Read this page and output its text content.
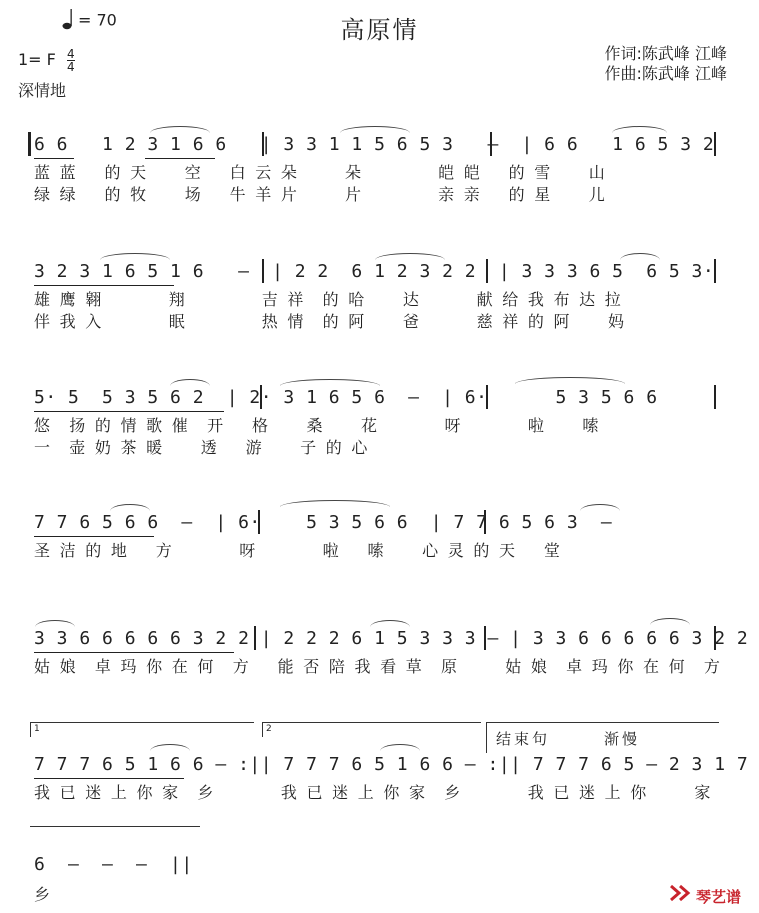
= 70	高原情
1= F $\frac{4}{4}$
深情地
作词:陈武峰 江峰
作曲:陈武峰 江峰
6 6   1 2 3 1 6 6   | 3 3 1 1 5 6 5 3   —  | 6 6   1 6 5 3 2
蓝 蓝   的 天    空   白 云 朵     朵        皑 皑   的 雪    山
绿 绿   的 牧    场   牛 羊 片     片        亲 亲   的 星    儿
3 2 3 1 6 5 1 6   —  | 2 2  6 1 2 3 2 2  | 3 3 3 6 5  6 5 3·
雄 鹰 翱       翔        吉 祥  的 哈    达      献 给 我 布 达 拉
伴 我 入       眠        热 情  的 阿    爸      慈 祥 的 阿    妈
5· 5  5 3 5 6 2  | 2· 3 1 6 5 6  —  | 6·      5 3 5 6 6
悠  扬 的 情 歌 催  开   格    桑    花       呀       啦    嗦
一  壶 奶 茶 暖    透   游    子 的 心
7 7 6 5 6 6  —  | 6·    5 3 5 6 6  | 7 7 6 5 6 3  —
圣 洁 的 地   方       呀       啦   嗦    心 灵 的 天   堂
3 3 6 6 6 6 6 3 2 2 | 2 2 2 6 1 5 3 3 3 — | 3 3 6 6 6 6 6 3 2 2
姑 娘  卓 玛 你 在 何  方   能 否 陪 我 看 草  原     姑 娘  卓 玛 你 在 何  方
1	2
结束句	渐慢
7 7 7 6 5 1 6 6 — :|| 7 7 7 6 5 1 6 6 — :|| 7 7 7 6 5 — 2 3 1 7
我 已 迷 上 你 家  乡       我 已 迷 上 你 家  乡       我 已 迷 上 你     家
6  —  —  —  ||
乡	琴艺谱
